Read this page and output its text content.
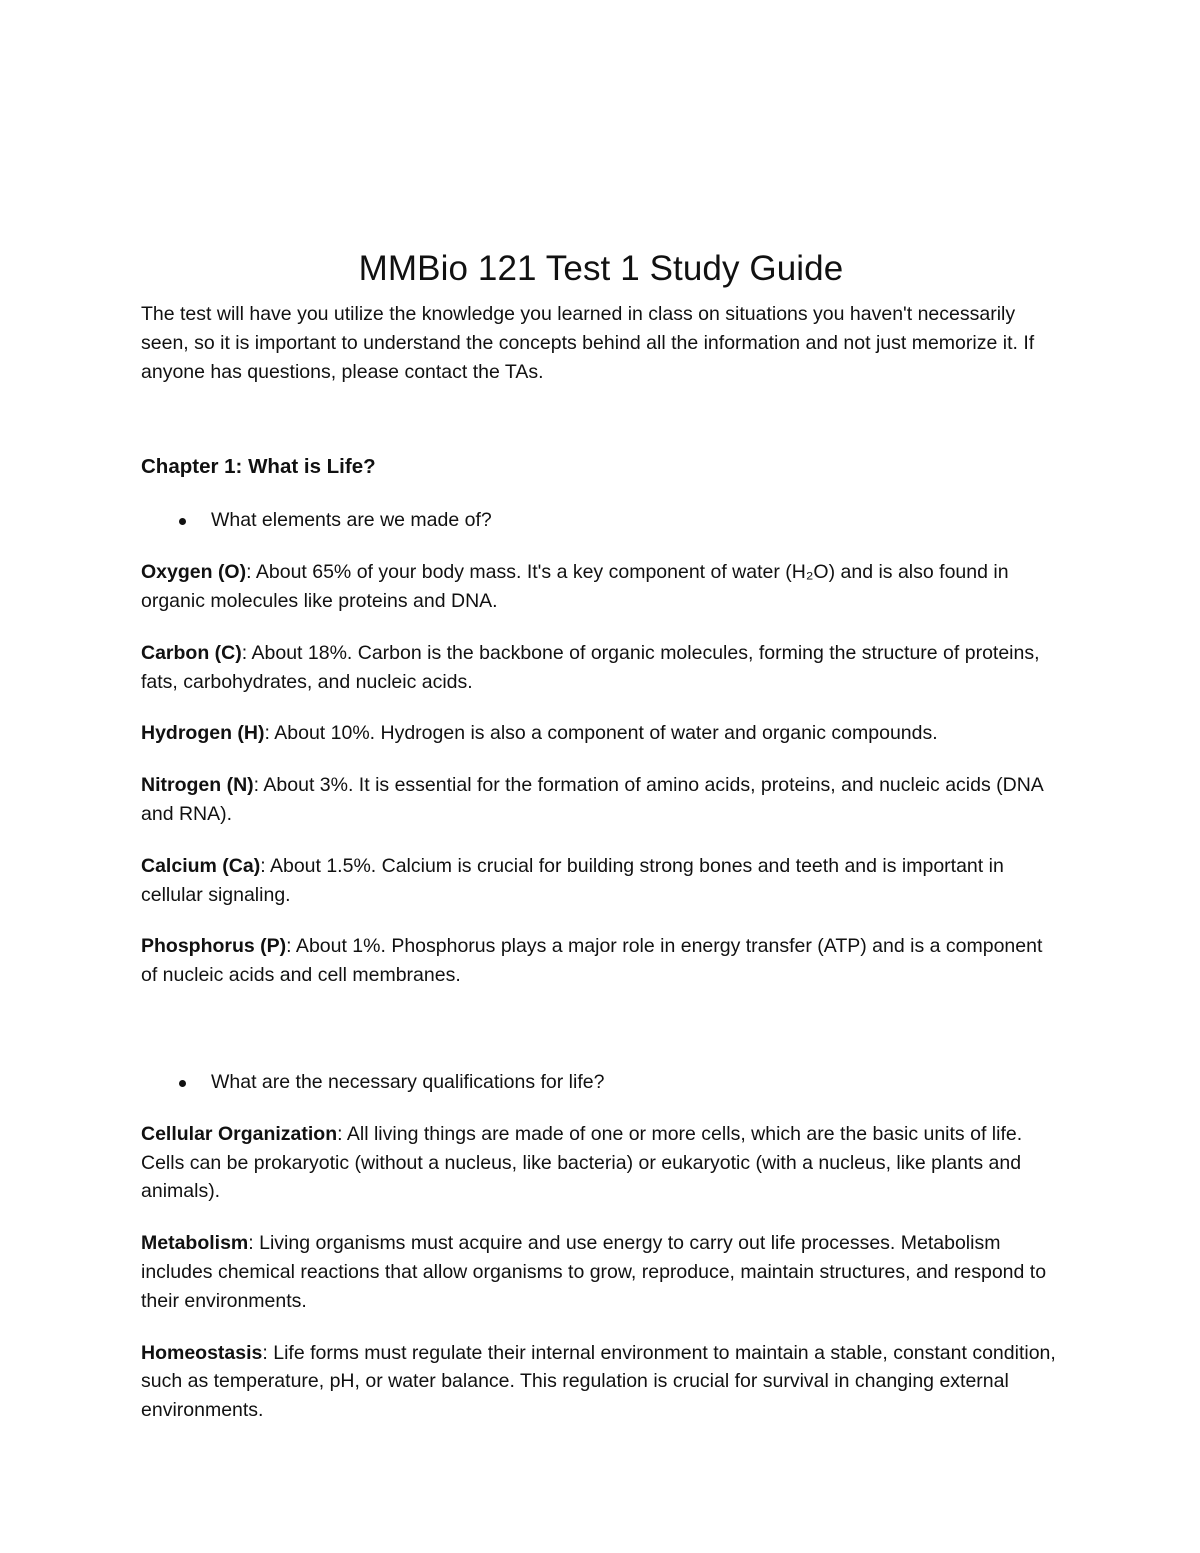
MMBio 121 Test 1 Study Guide

The test will have you utilize the knowledge you learned in class on situations you haven't necessarily seen, so it is important to understand the concepts behind all the information and not just memorize it. If anyone has questions, please contact the TAs.

Chapter 1: What is Life?
What elements are we made of?

Oxygen (O): About 65% of your body mass. It's a key component of water (H₂O) and is also found in organic molecules like proteins and DNA.

Carbon (C): About 18%. Carbon is the backbone of organic molecules, forming the structure of proteins, fats, carbohydrates, and nucleic acids.

Hydrogen (H): About 10%. Hydrogen is also a component of water and organic compounds.

Nitrogen (N): About 3%. It is essential for the formation of amino acids, proteins, and nucleic acids (DNA and RNA).

Calcium (Ca): About 1.5%. Calcium is crucial for building strong bones and teeth and is important in cellular signaling.

Phosphorus (P): About 1%. Phosphorus plays a major role in energy transfer (ATP) and is a component of nucleic acids and cell membranes.

What are the necessary qualifications for life?

Cellular Organization: All living things are made of one or more cells, which are the basic units of life. Cells can be prokaryotic (without a nucleus, like bacteria) or eukaryotic (with a nucleus, like plants and animals).

Metabolism: Living organisms must acquire and use energy to carry out life processes. Metabolism includes chemical reactions that allow organisms to grow, reproduce, maintain structures, and respond to their environments.

Homeostasis: Life forms must regulate their internal environment to maintain a stable, constant condition, such as temperature, pH, or water balance. This regulation is crucial for survival in changing external environments.
